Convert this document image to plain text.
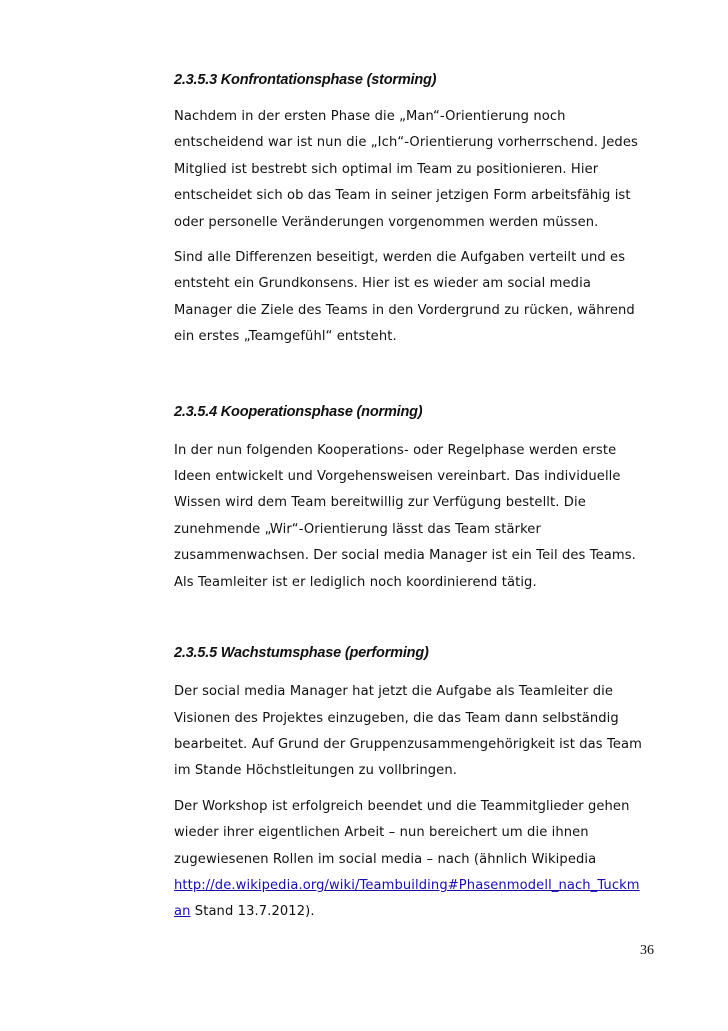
2.3.5.3 Konfrontationsphase (storming)

Nachdem in der ersten Phase die „Man“-Orientierung noch
entscheidend war ist nun die „Ich“-Orientierung vorherrschend. Jedes
Mitglied ist bestrebt sich optimal im Team zu positionieren. Hier
entscheidet sich ob das Team in seiner jetzigen Form arbeitsfähig ist
oder personelle Veränderungen vorgenommen werden müssen.

Sind alle Differenzen beseitigt, werden die Aufgaben verteilt und es
entsteht ein Grundkonsens. Hier ist es wieder am social media
Manager die Ziele des Teams in den Vordergrund zu rücken, während
ein erstes „Teamgefühl“ entsteht.

2.3.5.4 Kooperationsphase (norming)

In der nun folgenden Kooperations- oder Regelphase werden erste
Ideen entwickelt und Vorgehensweisen vereinbart. Das individuelle
Wissen wird dem Team bereitwillig zur Verfügung bestellt. Die
zunehmende „Wir“-Orientierung lässt das Team stärker
zusammenwachsen. Der social media Manager ist ein Teil des Teams.
Als Teamleiter ist er lediglich noch koordinierend tätig.

2.3.5.5 Wachstumsphase (performing)

Der social media Manager hat jetzt die Aufgabe als Teamleiter die
Visionen des Projektes einzugeben, die das Team dann selbständig
bearbeitet. Auf Grund der Gruppenzusammengehörigkeit ist das Team
im Stande Höchstleitungen zu vollbringen.

Der Workshop ist erfolgreich beendet und die Teammitglieder gehen
wieder ihrer eigentlichen Arbeit – nun bereichert um die ihnen
zugewiesenen Rollen im social media – nach (ähnlich Wikipedia
http://de.wikipedia.org/wiki/Teambuilding#Phasenmodell_nach_Tuckm
an Stand 13.7.2012).

36
